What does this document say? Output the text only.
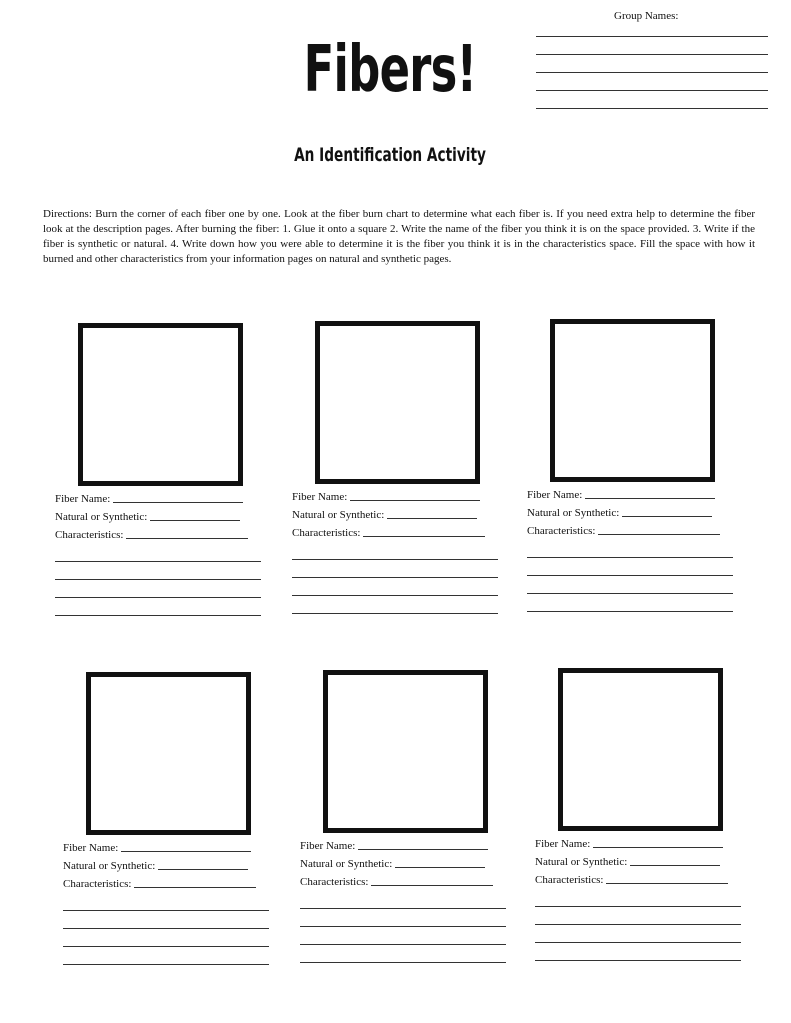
Group Names:
Fibers!
An Identification Activity
Directions: Burn the corner of each fiber one by one. Look at the fiber burn chart to determine what each fiber is. If you need extra help to determine the fiber look at the description pages. After burning the fiber: 1. Glue it onto a square 2. Write the name of the fiber you think it is on the space provided. 3. Write if the fiber is synthetic or natural. 4. Write down how you were able to determine it is the fiber you think it is in the characteristics space. Fill the space with how it burned and other characteristics from your information pages on natural and synthetic pages.
Fiber Name:
Natural or Synthetic:
Characteristics:
Fiber Name:
Natural or Synthetic:
Characteristics:
Fiber Name:
Natural or Synthetic:
Characteristics:
Fiber Name:
Natural or Synthetic:
Characteristics:
Fiber Name:
Natural or Synthetic:
Characteristics:
Fiber Name:
Natural or Synthetic:
Characteristics:
